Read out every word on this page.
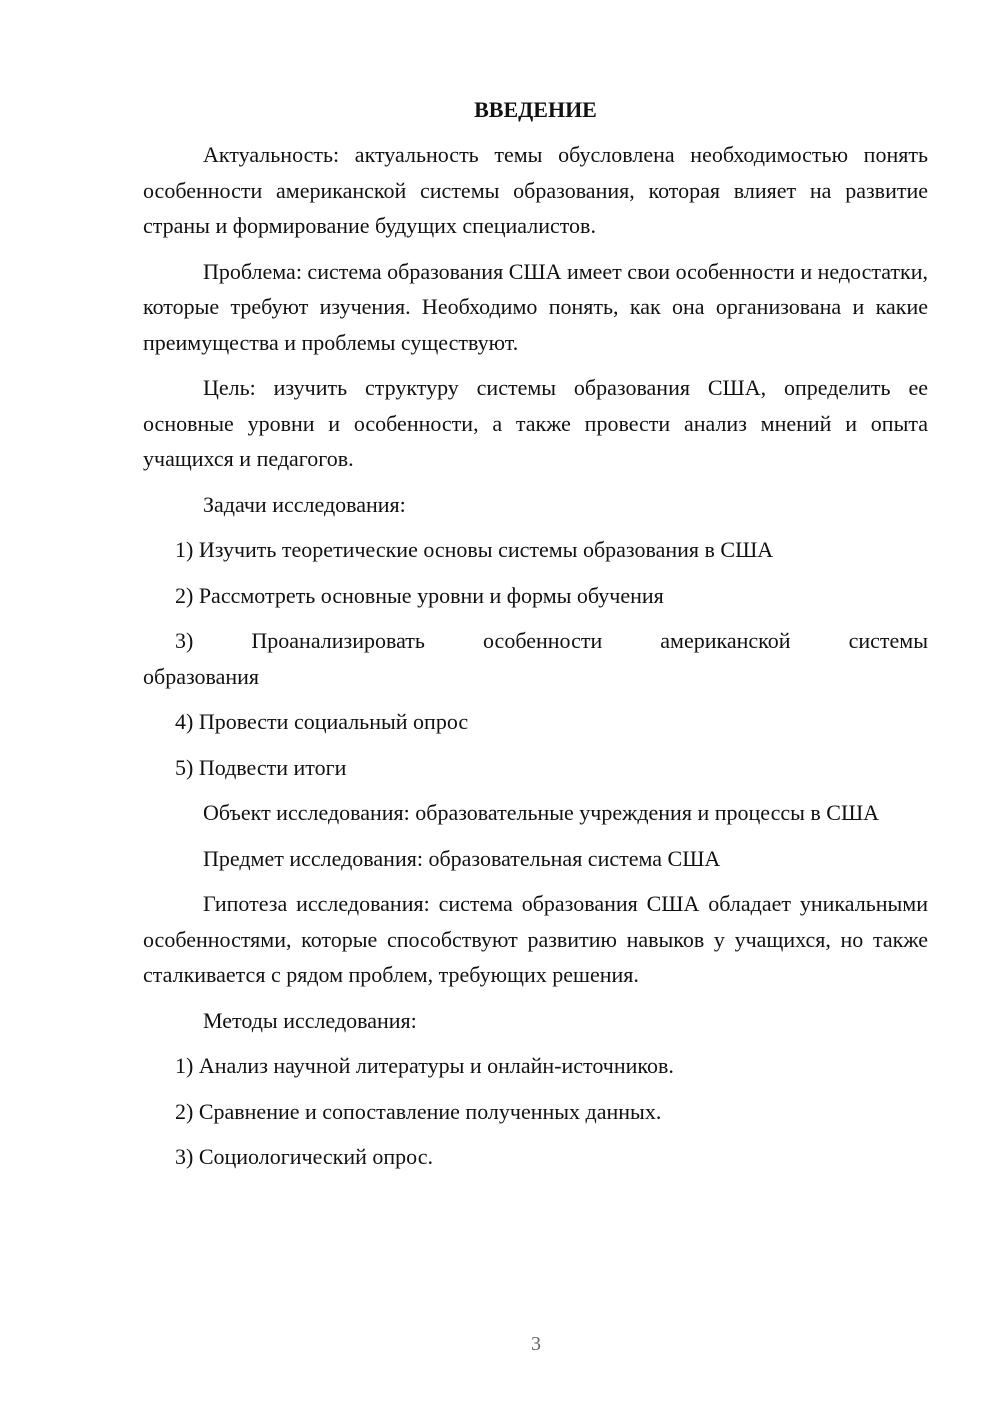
ВВЕДЕНИЕ

Актуальность: актуальность темы обусловлена необходимостью понять особенности американской системы образования, которая влияет на развитие страны и формирование будущих специалистов.

Проблема: система образования США имеет свои особенности и недостатки, которые требуют изучения. Необходимо понять, как она организована и какие преимущества и проблемы существуют.

Цель: изучить структуру системы образования США, определить ее основные уровни и особенности, а также провести анализ мнений и опыта учащихся и педагогов.

Задачи исследования:

1) Изучить теоретические основы системы образования в США

2) Рассмотреть основные уровни и формы обучения

3)	Проанализировать	особенности	американской	системы
образования

4) Провести социальный опрос

5) Подвести итоги

Объект исследования: образовательные учреждения и процессы в США

Предмет исследования: образовательная система США

Гипотеза исследования: система образования США обладает уникальными особенностями, которые способствуют развитию навыков у учащихся, но также сталкивается с рядом проблем, требующих решения.

Методы исследования:

1) Анализ научной литературы и онлайн-источников.

2) Сравнение и сопоставление полученных данных.

3) Социологический опрос.

3
